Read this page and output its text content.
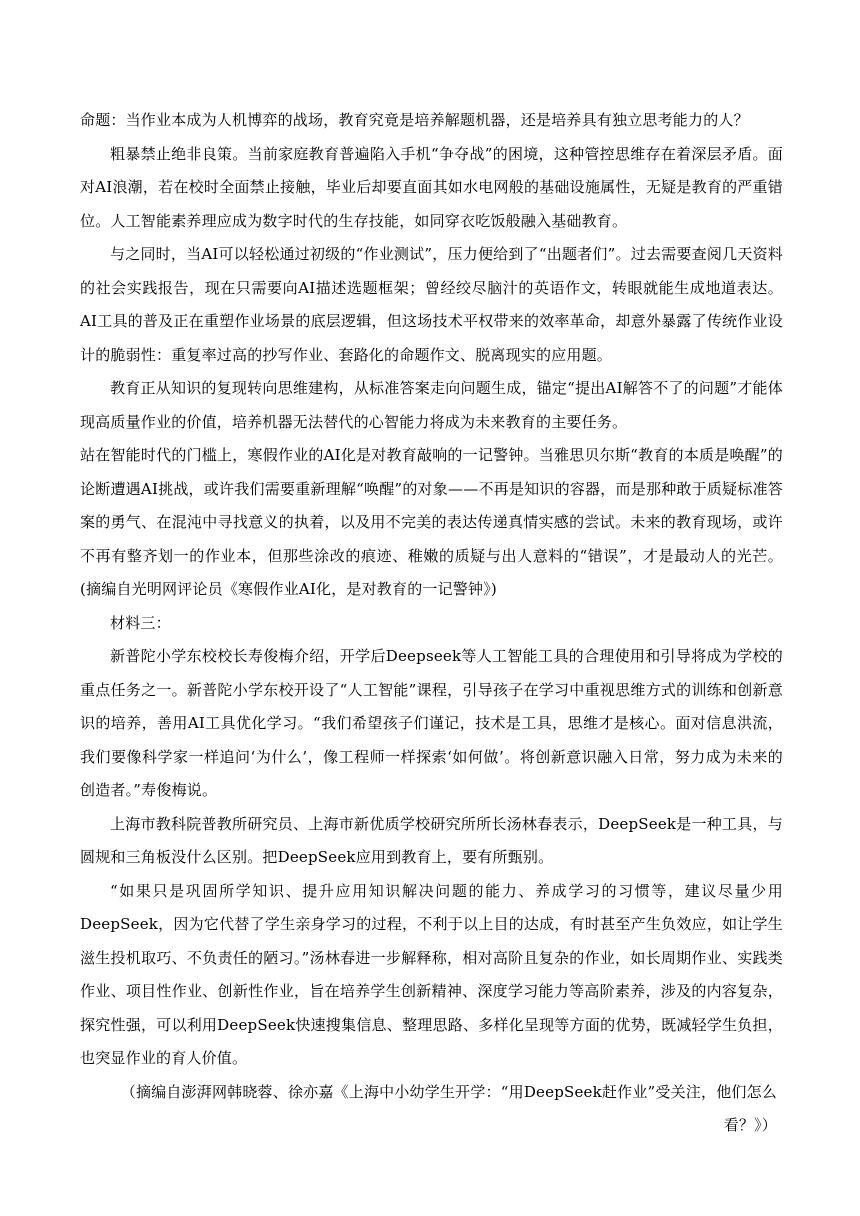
命题：当作业本成为人机博弈的战场，教育究竟是培养解题机器，还是培养具有独立思考能力的人？

粗暴禁止绝非良策。当前家庭教育普遍陷入手机“争夺战”的困境，这种管控思维存在着深层矛盾。面对AI浪潮，若在校时全面禁止接触，毕业后却要直面其如水电网般的基础设施属性，无疑是教育的严重错位。人工智能素养理应成为数字时代的生存技能，如同穿衣吃饭般融入基础教育。

与之同时，当AI可以轻松通过初级的“作业测试”，压力便给到了“出题者们”。过去需要查阅几天资料的社会实践报告，现在只需要向AI描述选题框架；曾经绞尽脑汁的英语作文，转眼就能生成地道表达。AI工具的普及正在重塑作业场景的底层逻辑，但这场技术平权带来的效率革命，却意外暴露了传统作业设计的脆弱性：重复率过高的抄写作业、套路化的命题作文、脱离现实的应用题。

教育正从知识的复现转向思维建构，从标准答案走向问题生成，锚定“提出AI解答不了的问题”才能体现高质量作业的价值，培养机器无法替代的心智能力将成为未来教育的主要任务。

站在智能时代的门槛上，寒假作业的AI化是对教育敲响的一记警钟。当雅思贝尔斯“教育的本质是唤醒”的论断遭遇AI挑战，或许我们需要重新理解“唤醒”的对象——不再是知识的容器，而是那种敢于质疑标准答案的勇气、在混沌中寻找意义的执着，以及用不完美的表达传递真情实感的尝试。未来的教育现场，或许不再有整齐划一的作业本，但那些涂改的痕迹、稚嫩的质疑与出人意料的“错误”，才是最动人的光芒。(摘编自光明网评论员《寒假作业AI化，是对教育的一记警钟》)

材料三：

新普陀小学东校校长寿俊梅介绍，开学后Deepseek等人工智能工具的合理使用和引导将成为学校的重点任务之一。新普陀小学东校开设了“人工智能”课程，引导孩子在学习中重视思维方式的训练和创新意识的培养，善用AI工具优化学习。“我们希望孩子们谨记，技术是工具，思维才是核心。面对信息洪流，我们要像科学家一样追问‘为什么’，像工程师一样探索‘如何做’。将创新意识融入日常，努力成为未来的创造者。”寿俊梅说。

上海市教科院普教所研究员、上海市新优质学校研究所所长汤林春表示，DeepSeek是一种工具，与圆规和三角板没什么区别。把DeepSeek应用到教育上，要有所甄别。

“如果只是巩固所学知识、提升应用知识解决问题的能力、养成学习的习惯等，建议尽量少用DeepSeek，因为它代替了学生亲身学习的过程，不利于以上目的达成，有时甚至产生负效应，如让学生滋生投机取巧、不负责任的陋习。”汤林春进一步解释称，相对高阶且复杂的作业，如长周期作业、实践类作业、项目性作业、创新性作业，旨在培养学生创新精神、深度学习能力等高阶素养，涉及的内容复杂，探究性强，可以利用DeepSeek快速搜集信息、整理思路、多样化呈现等方面的优势，既减轻学生负担，也突显作业的育人价值。

（摘编自澎湃网韩晓蓉、徐亦嘉《上海中小幼学生开学：“用DeepSeek赶作业”受关注，他们怎么看？》）
